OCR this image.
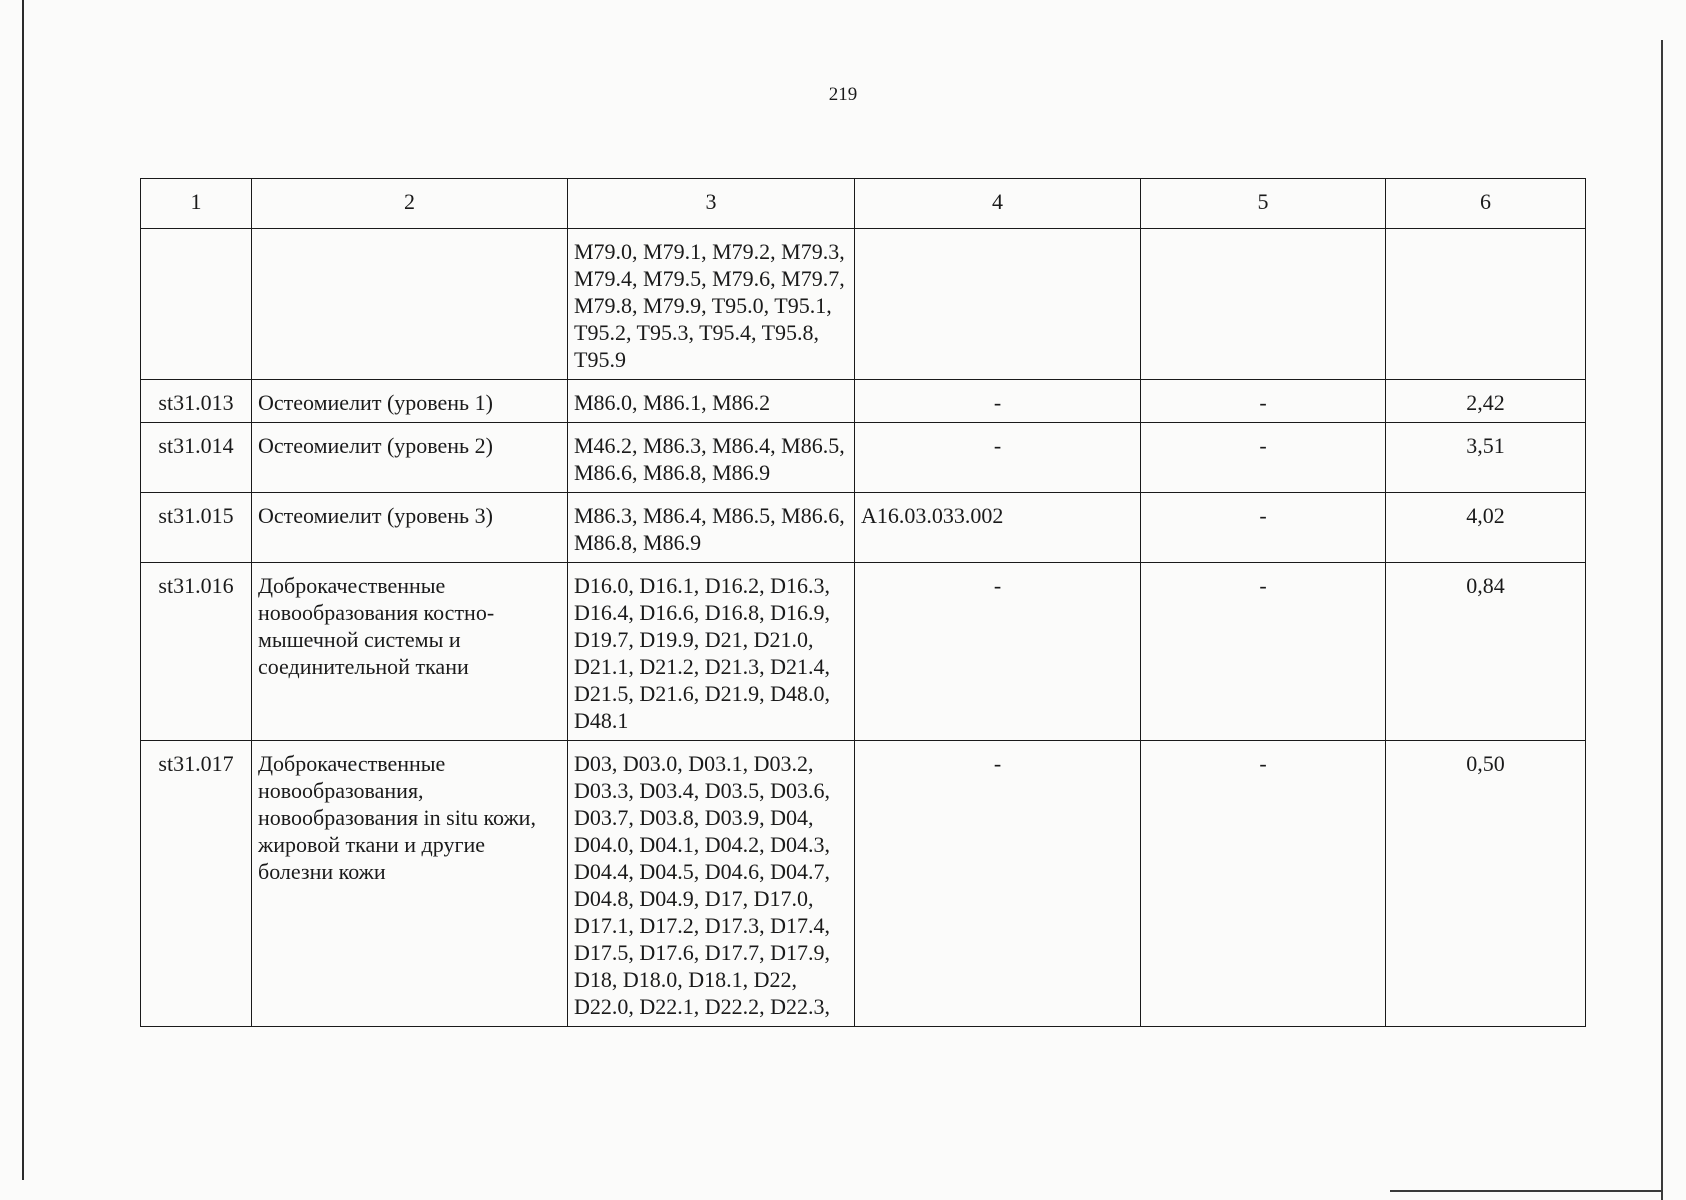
219
1	2	3	4	5	6
		M79.0, M79.1, M79.2, M79.3, M79.4, M79.5, M79.6, M79.7, M79.8, M79.9, T95.0, T95.1, T95.2, T95.3, T95.4, T95.8, T95.9			
st31.013	Остеомиелит (уровень 1)	M86.0, M86.1, M86.2	-	-	2,42
st31.014	Остеомиелит (уровень 2)	M46.2, M86.3, M86.4, M86.5, M86.6, M86.8, M86.9	-	-	3,51
st31.015	Остеомиелит (уровень 3)	M86.3, M86.4, M86.5, M86.6, M86.8, M86.9	A16.03.033.002	-	4,02
st31.016	Доброкачественные новообразования костно-мышечной системы и соединительной ткани	D16.0, D16.1, D16.2, D16.3, D16.4, D16.6, D16.8, D16.9, D19.7, D19.9, D21, D21.0, D21.1, D21.2, D21.3, D21.4, D21.5, D21.6, D21.9, D48.0, D48.1	-	-	0,84
st31.017	Доброкачественные новообразования, новообразования in situ кожи, жировой ткани и другие болезни кожи	D03, D03.0, D03.1, D03.2, D03.3, D03.4, D03.5, D03.6, D03.7, D03.8, D03.9, D04, D04.0, D04.1, D04.2, D04.3, D04.4, D04.5, D04.6, D04.7, D04.8, D04.9, D17, D17.0, D17.1, D17.2, D17.3, D17.4, D17.5, D17.6, D17.7, D17.9, D18, D18.0, D18.1, D22, D22.0, D22.1, D22.2, D22.3,	-	-	0,50
